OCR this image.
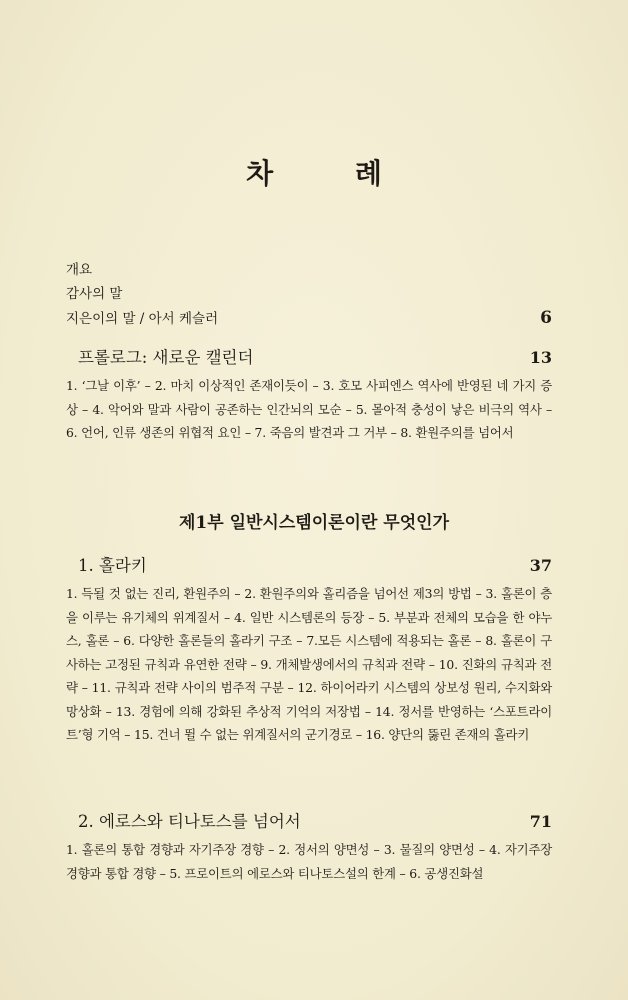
차 례
개요
감사의 말
지은이의 말 / 아서 케슬러	6
프롤로그: 새로운 캘린더	13
1. ‘그날 이후’ – 2. 마치 이상적인 존재이듯이 – 3. 호모 사피엔스 역사에 반영된 네 가지 증상 – 4. 악어와 말과 사람이 공존하는 인간뇌의 모순 – 5. 몰아적 충성이 낳은 비극의 역사 – 6. 언어, 인류 생존의 위협적 요인 – 7. 죽음의 발견과 그 거부 – 8. 환원주의를 넘어서
제1부 일반시스템이론이란 무엇인가
1. 홀라키	37
1. 득될 것 없는 진리, 환원주의 – 2. 환원주의와 홀리즘을 넘어선 제3의 방법 – 3. 홀론이 층을 이루는 유기체의 위계질서 – 4. 일반 시스템론의 등장 – 5. 부분과 전체의 모습을 한 야누스, 홀론 – 6. 다양한 홀론들의 홀라키 구조 – 7.모든 시스템에 적용되는 홀론 – 8. 홀론이 구사하는 고정된 규칙과 유연한 전략 – 9. 개체발생에서의 규칙과 전략 – 10. 진화의 규칙과 전략 – 11. 규칙과 전략 사이의 범주적 구분 – 12. 하이어라키 시스템의 상보성 원리, 수지화와 망상화 – 13. 경험에 의해 강화된 추상적 기억의 저장법 – 14. 정서를 반영하는 ‘스포트라이트’형 기억 – 15. 건너 뛸 수 없는 위계질서의 군기경로 – 16. 양단의 뚫린 존재의 홀라키
2. 에로스와 티나토스를 넘어서	71
1. 홀론의 통합 경향과 자기주장 경향 – 2. 정서의 양면성 – 3. 물질의 양면성 – 4. 자기주장 경향과 통합 경향 – 5. 프로이트의 에로스와 티나토스설의 한계 – 6. 공생진화설
